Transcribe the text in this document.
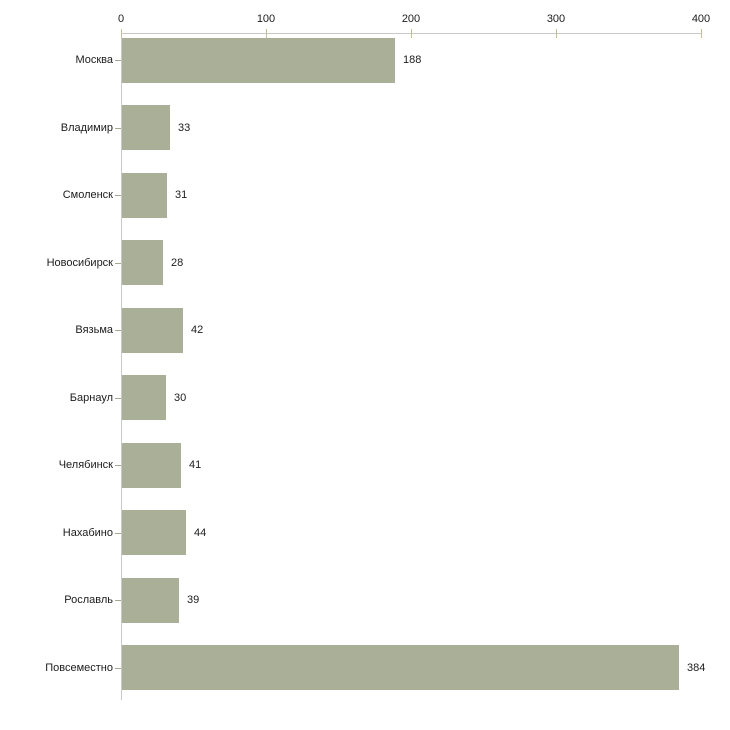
0	100	200	300	400
Москва	188
Владимир	33
Смоленск	31
Новосибирск	28
Вязьма	42
Барнаул	30
Челябинск	41
Нахабино	44
Рославль	39
Повсеместно	384
